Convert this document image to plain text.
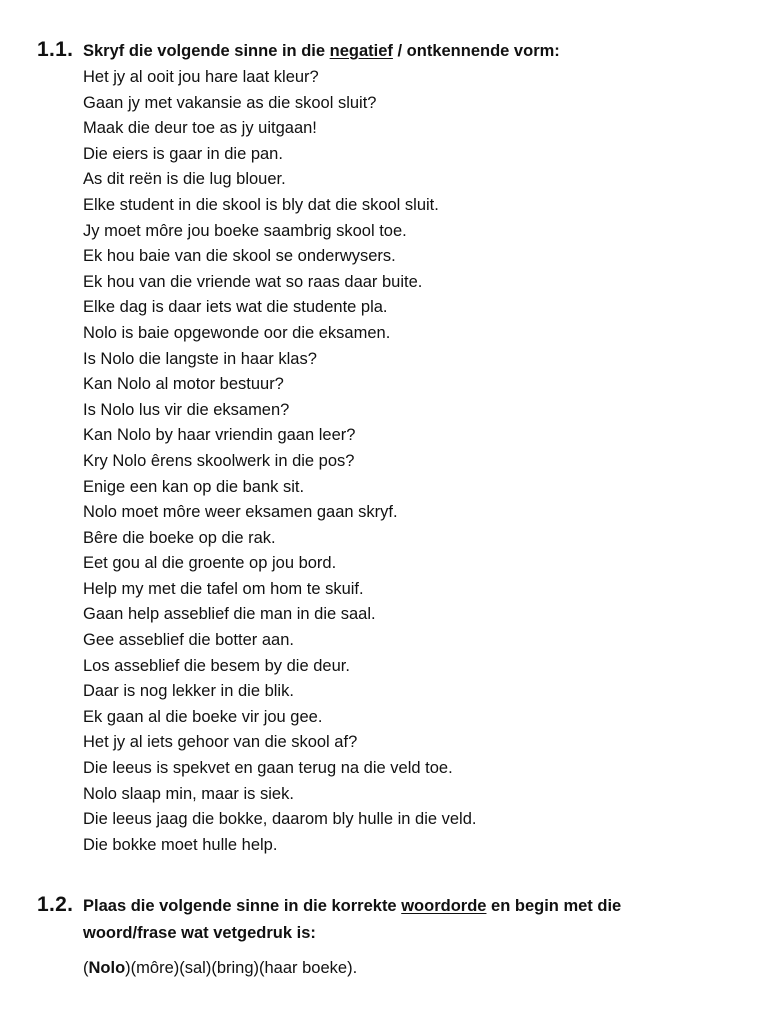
1.1. Skryf die volgende sinne in die negatief / ontkennende vorm:
Het jy al ooit jou hare laat kleur?
Gaan jy met vakansie as die skool sluit?
Maak die deur toe as jy uitgaan!
Die eiers is gaar in die pan.
As dit reën is die lug blouer.
Elke student in die skool is bly dat die skool sluit.
Jy moet môre jou boeke saambrig skool toe.
Ek hou baie van die skool se onderwysers.
Ek hou van die vriende wat so raas daar buite.
Elke dag is daar iets wat die studente pla.
Nolo is baie opgewonde oor die eksamen.
Is Nolo die langste in haar klas?
Kan Nolo al motor bestuur?
Is Nolo lus vir die eksamen?
Kan Nolo by haar vriendin gaan leer?
Kry Nolo êrens skoolwerk in die pos?
Enige een kan op die bank sit.
Nolo moet môre weer eksamen gaan skryf.
Bêre die boeke op die rak.
Eet gou al die groente op jou bord.
Help my met die tafel om hom te skuif.
Gaan help asseblief die man in die saal.
Gee asseblief die botter aan.
Los asseblief die besem by die deur.
Daar is nog lekker in die blik.
Ek gaan al die boeke vir jou gee.
Het jy al iets gehoor van die skool af?
Die leeus is spekvet en gaan terug na die veld toe.
Nolo slaap min, maar is siek.
Die leeus jaag die bokke, daarom bly hulle in die veld.
Die bokke moet hulle help.
1.2. Plaas die volgende sinne in die korrekte woordorde en begin met die
woord/frase wat vetgedruk is:
(Nolo)(môre)(sal)(bring)(haar boeke).
